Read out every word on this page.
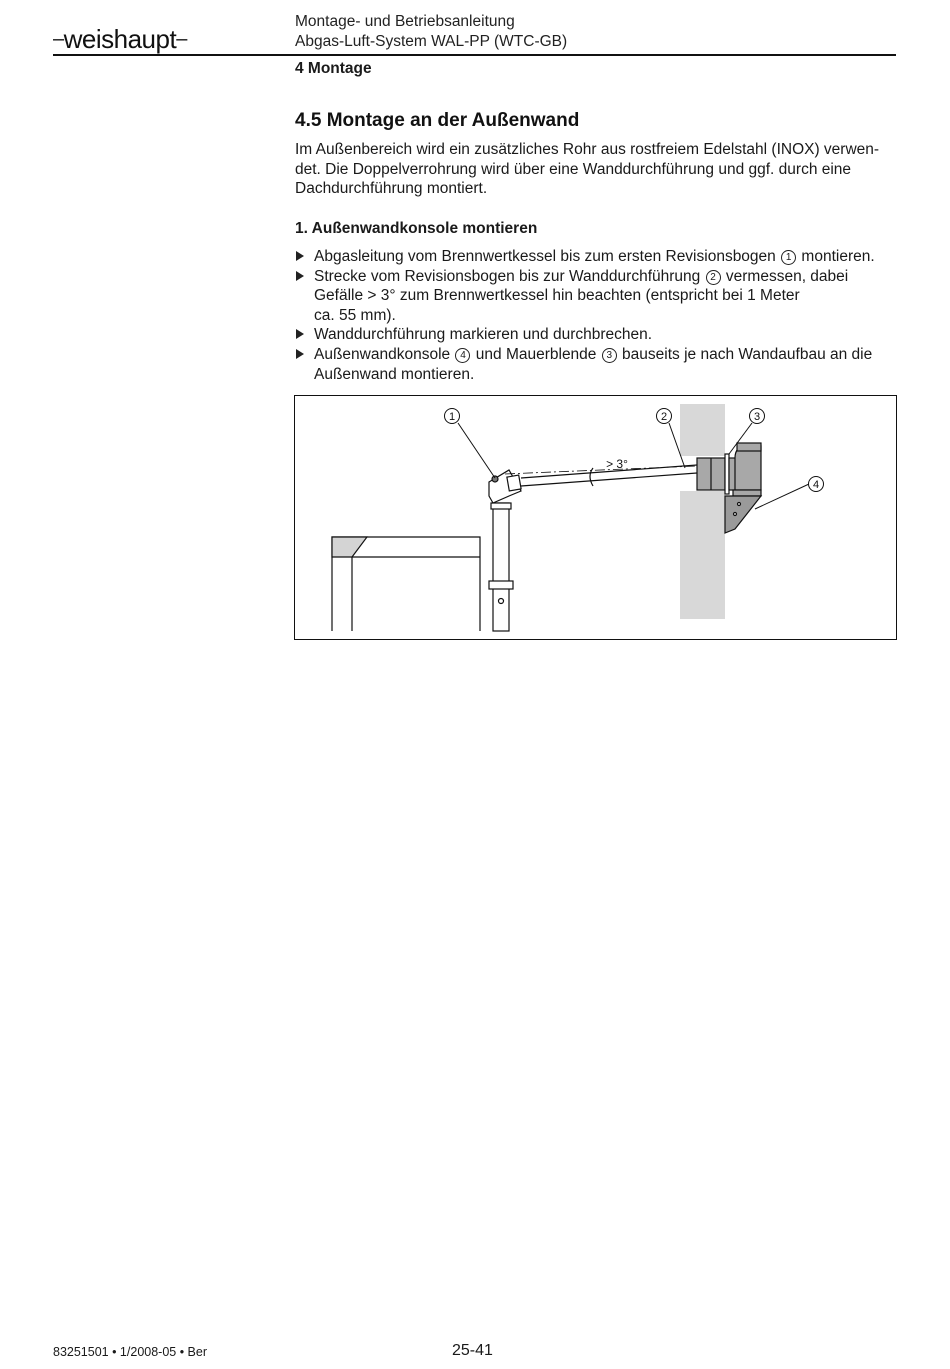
–weishaupt–
Montage- und Betriebsanleitung
Abgas-Luft-System WAL-PP (WTC-GB)
4 Montage
4.5 Montage an der Außenwand
Im Außenbereich wird ein zusätzliches Rohr aus rostfreiem Edelstahl (INOX) verwen-
det. Die Doppelverrohrung wird über eine Wanddurchführung und ggf. durch eine
Dachdurchführung montiert.
1. Außenwandkonsole montieren
Abgasleitung vom Brennwertkessel bis zum ersten Revisionsbogen 1 montieren.
Strecke vom Revisionsbogen bis zur Wanddurchführung 2 vermessen, dabei
Gefälle > 3° zum Brennwertkessel hin beachten (entspricht bei 1 Meter
ca. 55 mm).
Wanddurchführung markieren und durchbrechen.
Außenwandkonsole 4 und Mauerblende 3 bauseits je nach Wandaufbau an die
Außenwand montieren.
1	2	3
4
> 3°
83251501 • 1/2008-05 • Ber	25-41
